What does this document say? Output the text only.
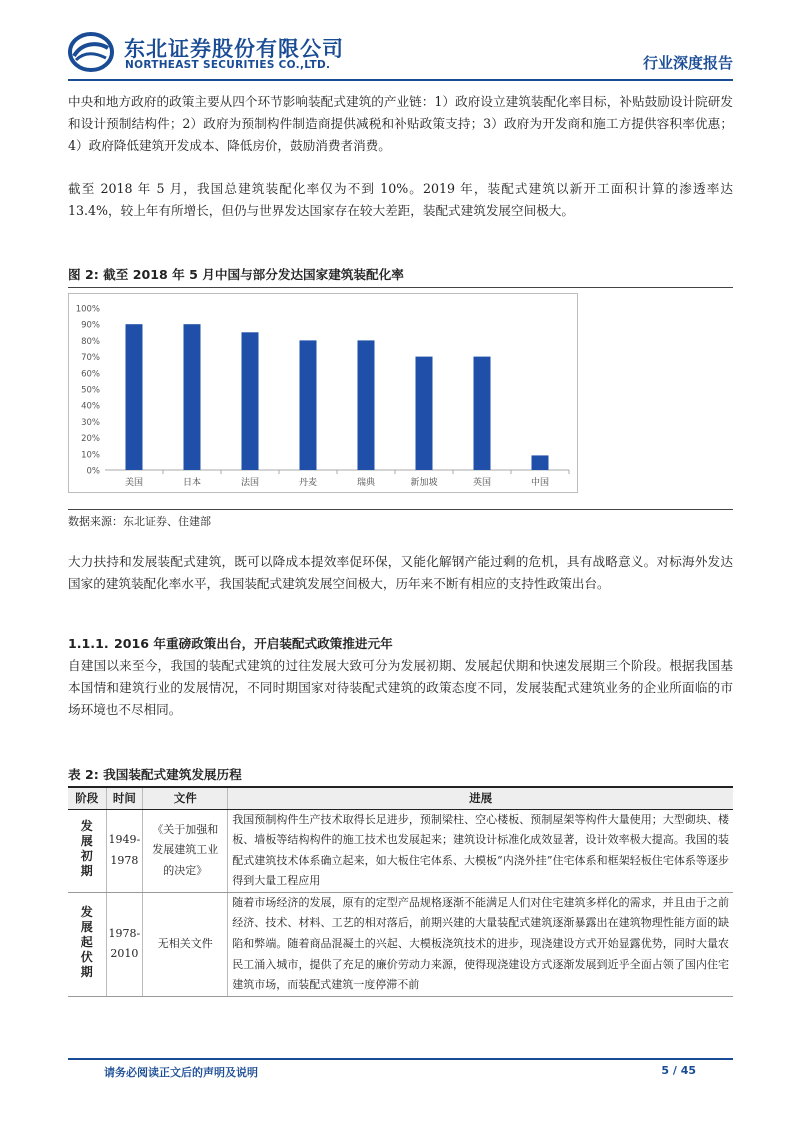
东北证券股份有限公司
NORTHEAST SECURITIES CO.,LTD.	行业深度报告

中央和地方政府的政策主要从四个环节影响装配式建筑的产业链：1）政府设立建筑装配化率目标，补贴鼓励设计院研发和设计预制结构件；2）政府为预制构件制造商提供减税和补贴政策支持；3）政府为开发商和施工方提供容积率优惠；4）政府降低建筑开发成本、降低房价，鼓励消费者消费。

截至 2018 年 5 月，我国总建筑装配化率仅为不到 10%。2019 年，装配式建筑以新开工面积计算的渗透率达 13.4%，较上年有所增长，但仍与世界发达国家存在较大差距，装配式建筑发展空间极大。

图 2: 截至 2018 年 5 月中国与部分发达国家建筑装配化率
0%
10%
20%
30%
40%
50%
60%
70%
80%
90%
100%
美国	日本	法国	丹麦	瑞典	新加坡	英国	中国
数据来源：东北证券、住建部

大力扶持和发展装配式建筑，既可以降成本提效率促环保，又能化解钢产能过剩的危机，具有战略意义。对标海外发达国家的建筑装配化率水平，我国装配式建筑发展空间极大，历年来不断有相应的支持性政策出台。

1.1.1. 2016 年重磅政策出台，开启装配式政策推进元年

自建国以来至今，我国的装配式建筑的过往发展大致可分为发展初期、发展起伏期和快速发展期三个阶段。根据我国基本国情和建筑行业的发展情况，不同时期国家对待装配式建筑的政策态度不同，发展装配式建筑业务的企业所面临的市场环境也不尽相同。

表 2: 我国装配式建筑发展历程
阶段	时间	文件	进展
发展初期	1949-1978	《关于加强和发展建筑工业的决定》	我国预制构件生产技术取得长足进步，预制梁柱、空心楼板、预制屋架等构件大量使用；大型砌块、楼板、墙板等结构构件的施工技术也发展起来；建筑设计标准化成效显著，设计效率极大提高。我国的装配式建筑技术体系确立起来，如大板住宅体系、大模板“内浇外挂”住宅体系和框架轻板住宅体系等逐步得到大量工程应用
发展起伏期	1978-2010	无相关文件	随着市场经济的发展，原有的定型产品规格逐渐不能满足人们对住宅建筑多样化的需求，并且由于之前经济、技术、材料、工艺的相对落后，前期兴建的大量装配式建筑逐渐暴露出在建筑物理性能方面的缺陷和弊端。随着商品混凝土的兴起、大模板浇筑技术的进步，现浇建设方式开始显露优势，同时大量农民工涌入城市，提供了充足的廉价劳动力来源，使得现浇建设方式逐渐发展到近乎全面占领了国内住宅建筑市场，而装配式建筑一度停滞不前
请务必阅读正文后的声明及说明	5 / 45
